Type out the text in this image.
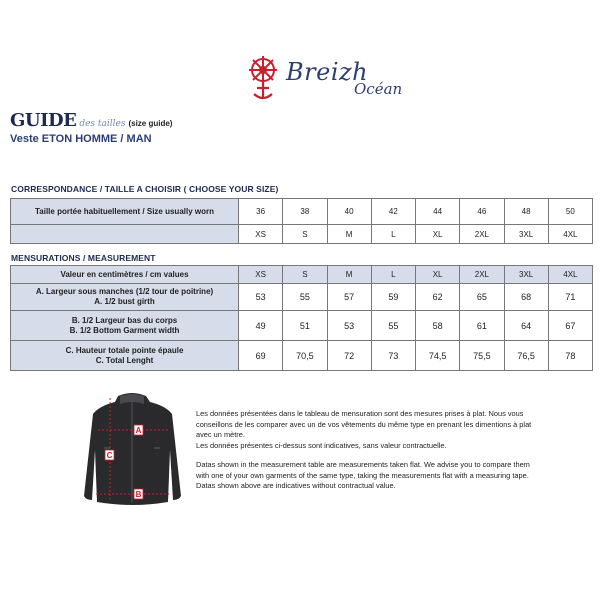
Breizh
Océan
GUIDE des tailles (size guide)
Veste ETON HOMME / MAN
CORRESPONDANCE / TAILLE A CHOISIR ( CHOOSE YOUR SIZE)
Taille portée habituellement / Size usually worn	36	38	40	42	44	46	48	50
	XS	S	M	L	XL	2XL	3XL	4XL
MENSURATIONS / MEASUREMENT
Valeur en centimètres / cm values	XS	S	M	L	XL	2XL	3XL	4XL

A. Largeur sous manches (1/2 tour de poitrine)
A. 1/2 bust girth	53	55	57	59	62	65	68	71

B. 1/2 Largeur bas du corps
B. 1/2 Bottom Garment width	49	51	53	55	58	61	64	67

C. Hauteur totale pointe épaule
C. Total Lenght	69	70,5	72	73	74,5	75,5	76,5	78
A
C
B
Les données présentées dans le tableau de mensuration sont des mesures prises à plat. Nous vous
conseillons de les comparer avec un de vos vêtements du même type en prenant les dimentions à plat
avec un mètre.
Les données présentes ci-dessus sont indicatives, sans valeur contractuelle.
Datas shown in the measurement table are measurements taken flat. We advise you to compare them
with one of your own garments of the same type, taking the measurements flat with a measuring tape.
Datas shown above are indicatives without contractual value.
